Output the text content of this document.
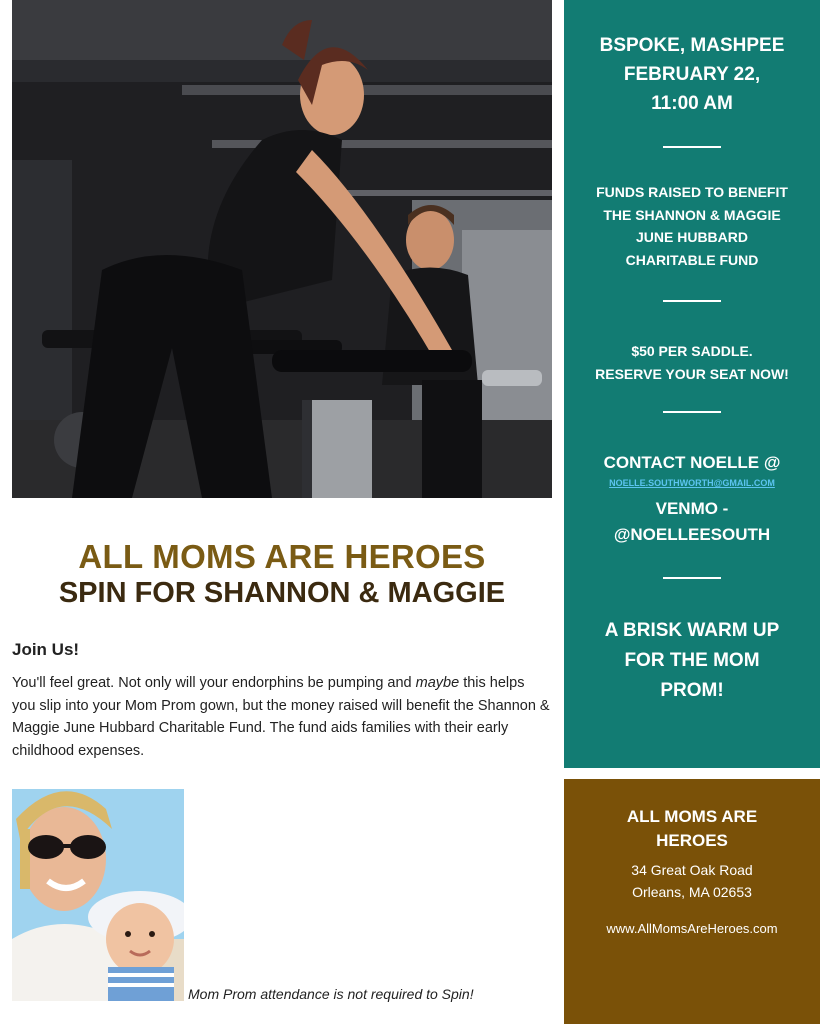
ALL MOMS ARE HEROES
SPIN FOR SHANNON & MAGGIE
Join Us!
You'll feel great. Not only will your endorphins be pumping and maybe this helps you slip into your Mom Prom gown, but the money raised will benefit the Shannon & Maggie June Hubbard Charitable Fund. The fund aids families with their early childhood expenses.
Mom Prom attendance is not required to Spin!
BSPOKE, MASHPEE
FEBRUARY 22,
11:00 AM
FUNDS RAISED TO BENEFIT
THE SHANNON & MAGGIE
JUNE HUBBARD
CHARITABLE FUND
$50 PER SADDLE.
RESERVE YOUR SEAT NOW!
CONTACT NOELLE @
NOELLE.SOUTHWORTH@GMAIL.COM
VENMO -
@NOELLEESOUTH
A BRISK WARM UP
FOR THE MOM
PROM!
ALL MOMS ARE
HEROES
34 Great Oak Road
Orleans, MA 02653
www.AllMomsAreHeroes.com
